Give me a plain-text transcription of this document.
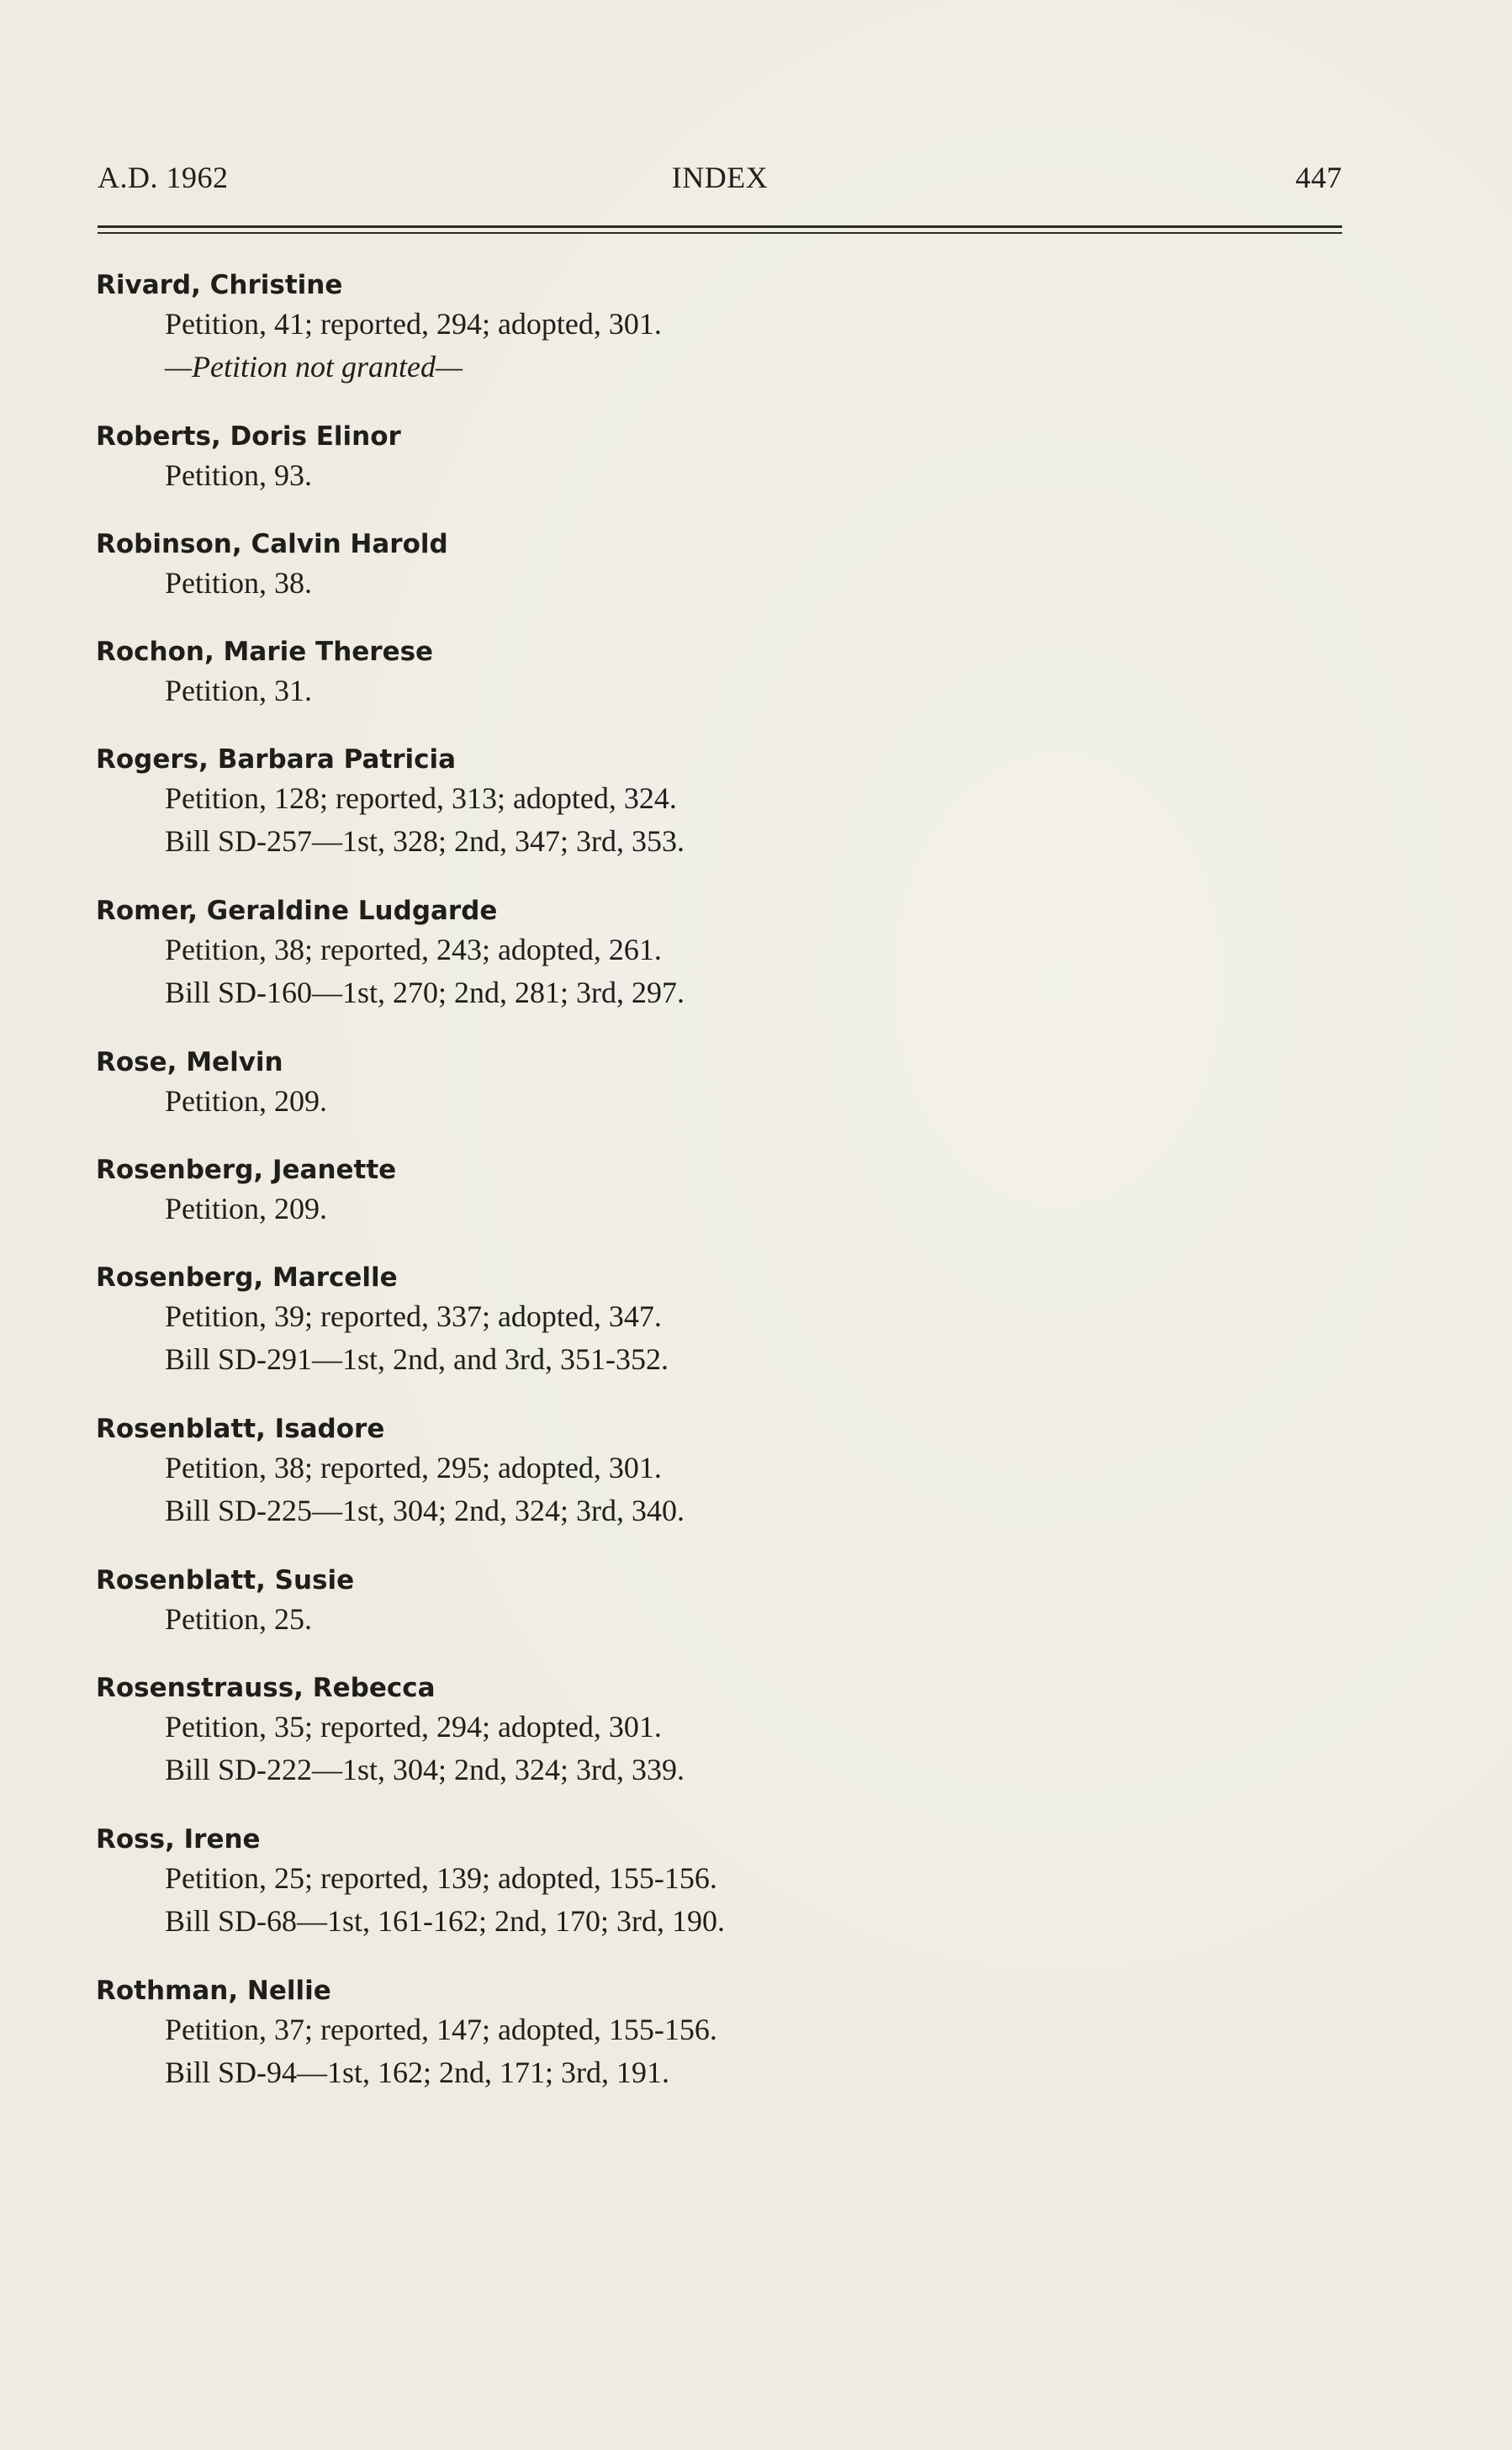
A.D. 1962	INDEX	447
Rivard, Christine
Petition, 41; reported, 294; adopted, 301.
—Petition not granted—
Roberts, Doris Elinor
Petition, 93.
Robinson, Calvin Harold
Petition, 38.
Rochon, Marie Therese
Petition, 31.
Rogers, Barbara Patricia
Petition, 128; reported, 313; adopted, 324.
Bill SD-257—1st, 328; 2nd, 347; 3rd, 353.
Romer, Geraldine Ludgarde
Petition, 38; reported, 243; adopted, 261.
Bill SD-160—1st, 270; 2nd, 281; 3rd, 297.
Rose, Melvin
Petition, 209.
Rosenberg, Jeanette
Petition, 209.
Rosenberg, Marcelle
Petition, 39; reported, 337; adopted, 347.
Bill SD-291—1st, 2nd, and 3rd, 351-352.
Rosenblatt, Isadore
Petition, 38; reported, 295; adopted, 301.
Bill SD-225—1st, 304; 2nd, 324; 3rd, 340.
Rosenblatt, Susie
Petition, 25.
Rosenstrauss, Rebecca
Petition, 35; reported, 294; adopted, 301.
Bill SD-222—1st, 304; 2nd, 324; 3rd, 339.
Ross, Irene
Petition, 25; reported, 139; adopted, 155-156.
Bill SD-68—1st, 161-162; 2nd, 170; 3rd, 190.
Rothman, Nellie
Petition, 37; reported, 147; adopted, 155-156.
Bill SD-94—1st, 162; 2nd, 171; 3rd, 191.
